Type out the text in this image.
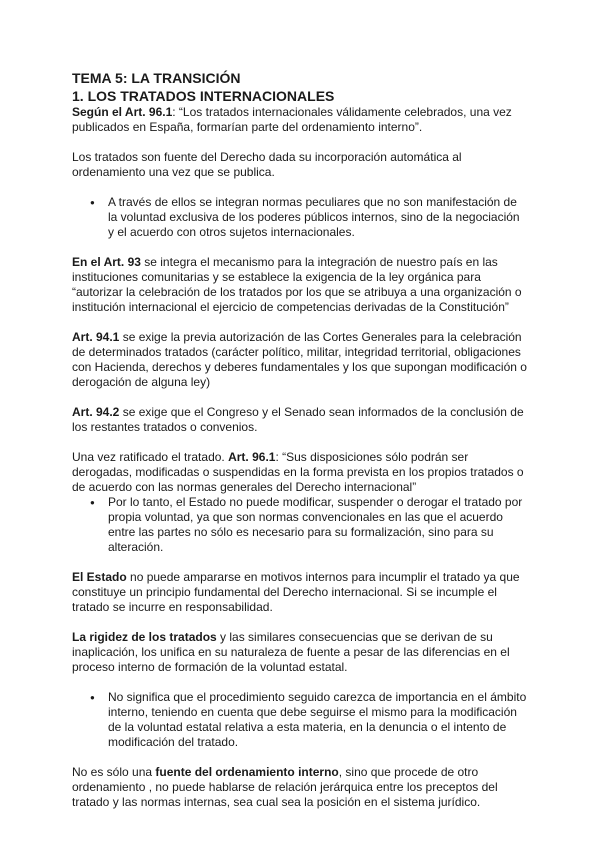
TEMA 5: LA TRANSICIÓN
1. LOS TRATADOS INTERNACIONALES

Según el Art. 96.1: “Los tratados internacionales válidamente celebrados, una vez publicados en España, formarían parte del ordenamiento interno”.

Los tratados son fuente del Derecho dada su incorporación automática al ordenamiento una vez que se publica.

● A través de ellos se integran normas peculiares que no son manifestación de la voluntad exclusiva de los poderes públicos internos, sino de la negociación y el acuerdo con otros sujetos internacionales.

En el Art. 93 se integra el mecanismo para la integración de nuestro país en las instituciones comunitarias y se establece la exigencia de la ley orgánica para “autorizar la celebración de los tratados por los que se atribuya a una organización o institución internacional el ejercicio de competencias derivadas de la Constitución”

Art. 94.1 se exige la previa autorización de las Cortes Generales para la celebración de determinados tratados (carácter político, militar, integridad territorial, obligaciones con Hacienda, derechos y deberes fundamentales y los que supongan modificación o derogación de alguna ley)

Art. 94.2 se exige que el Congreso y el Senado sean informados de la conclusión de los restantes tratados o convenios.

Una vez ratificado el tratado. Art. 96.1: “Sus disposiciones sólo podrán ser derogadas, modificadas o suspendidas en la forma prevista en los propios tratados o de acuerdo con las normas generales del Derecho internacional”

● Por lo tanto, el Estado no puede modificar, suspender o derogar el tratado por propia voluntad, ya que son normas convencionales en las que el acuerdo entre las partes no sólo es necesario para su formalización, sino para su alteración.

El Estado no puede ampararse en motivos internos para incumplir el tratado ya que constituye un principio fundamental del Derecho internacional. Si se incumple el tratado se incurre en responsabilidad.

La rigidez de los tratados y las similares consecuencias que se derivan de su inaplicación, los unifica en su naturaleza de fuente a pesar de las diferencias en el proceso interno de formación de la voluntad estatal.

● No significa que el procedimiento seguido carezca de importancia en el ámbito interno, teniendo en cuenta que debe seguirse el mismo para la modificación de la voluntad estatal relativa a esta materia, en la denuncia o el intento de modificación del tratado.

No es sólo una fuente del ordenamiento interno, sino que procede de otro ordenamiento , no puede hablarse de relación jerárquica entre los preceptos del tratado y las normas internas, sea cual sea la posición en el sistema jurídico.
